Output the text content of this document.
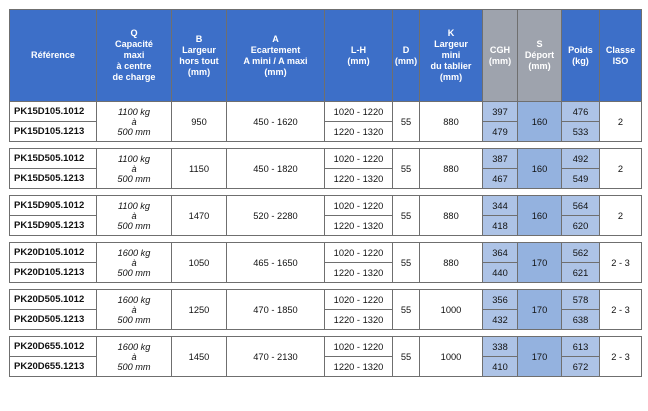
Référence	Q
Capacité
maxi
à centre
de charge	B
Largeur
hors tout
(mm)	A
Ecartement
A mini / A maxi
(mm)	L-H
(mm)	D
(mm)	K
Largeur
mini
du tablier
(mm)	CGH
(mm)	S
Déport
(mm)	Poids
(kg)	Classe
ISO

PK15D105.1012	1100 kg
à
500 mm	950	450 - 1620	1020 - 1220	55	880	397	160	476	2
PK15D105.1213				1220 - 1320			479		533	

PK15D505.1012	1100 kg
à
500 mm	1150	450 - 1820	1020 - 1220	55	880	387	160	492	2
PK15D505.1213				1220 - 1320			467		549	

PK15D905.1012	1100 kg
à
500 mm	1470	520 - 2280	1020 - 1220	55	880	344	160	564	2
PK15D905.1213				1220 - 1320			418		620	

PK20D105.1012	1600 kg
à
500 mm	1050	465 - 1650	1020 - 1220	55	880	364	170	562	2 - 3
PK20D105.1213				1220 - 1320			440		621	

PK20D505.1012	1600 kg
à
500 mm	1250	470 - 1850	1020 - 1220	55	1000	356	170	578	2 - 3
PK20D505.1213				1220 - 1320			432		638	

PK20D655.1012	1600 kg
à
500 mm	1450	470 - 2130	1020 - 1220	55	1000	338	170	613	2 - 3
PK20D655.1213				1220 - 1320			410		672	
